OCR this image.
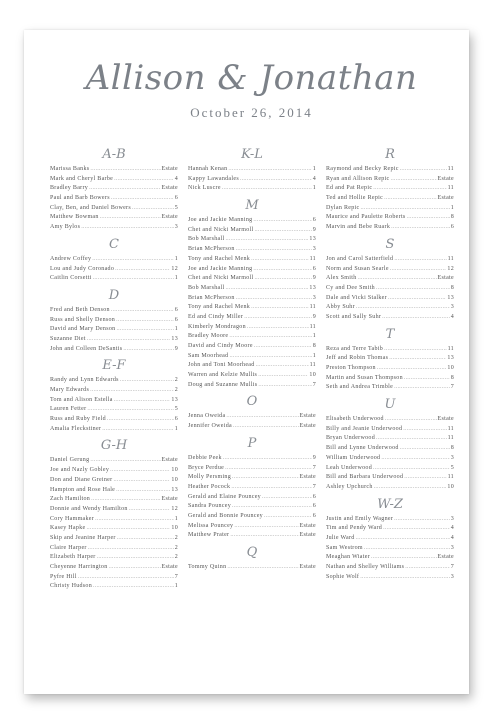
Allison & Jonathan
October 26, 2014
A-B
Marissa Banks .....	Estate
Mark and Cheryl Barbe .....	4
Bradley Barry .....	Estate
Paul and Barb Bowers .....	6
Clay, Ben, and Daniel Bowers .....	5
Matthew Bowman .....	Estate
Amy Bylos .....	3
C
Andrew Coffey .....	1
Lou and Judy Coronado .....	12
Caitlin Corsetti .....	1
D
Fred and Beth Denson .....	6
Russ and Shelly Denson .....	6
David and Mary Denson .....	1
Suzanne Diet .....	13
John and Colleen DeSantis .....	9
E-F
Randy and Lynn Edwards .....	2
Mary Edwards .....	2
Tom and Alison Estella .....	13
Lauren Fetter .....	5
Russ and Ruby Field .....	6
Amalia Fleckstiner .....	1
G-H
Daniel Gerung .....	Estate
Joe and Nazly Gobley .....	10
Don and Diane Greiner .....	10
Hampton and Rose Hale .....	13
Zach Hamilton .....	Estate
Donnie and Wendy Hamilton .....	12
Cory Hammaker .....	1
Kasey Hapke .....	10
Skip and Jeanine Harper .....	2
Claire Harper .....	2
Elizabeth Harper .....	2
Cheyenne Harrington .....	Estate
Pyfre Hill .....	7
Christy Hudson .....	1
K-L
Hannah Kenan .....	1
Kappy Lawandales .....	4
Nick Luscre .....	1
M
Joe and Jackie Manning .....	6
Chet and Nicki Marmoll .....	9
Bob Marshall .....	13
Brian McPherson .....	3
Tony and Rachel Menk .....	11
Joe and Jackie Manning .....	6
Chet and Nicki Marmoll .....	9
Bob Marshall .....	13
Brian McPherson .....	3
Tony and Rachel Menk .....	11
Ed and Cindy Miller .....	9
Kimberly Mondragon .....	11
Bradley Moore .....	1
David and Cindy Moore .....	8
Sam Moorhead .....	1
John and Toni Moorhead .....	11
Warren and Kelzie Mullis .....	10
Doug and Suzanne Mullis .....	7
O
Jenna Oweida .....	Estate
Jennifer Oweida .....	Estate
P
Debbie Peek .....	9
Bryce Perdue .....	7
Molly Persming .....	Estate
Heather Pocock .....	7
Gerald and Elaine Pouncey .....	6
Sandra Pouncey .....	6
Gerald and Bonnie Pouncey .....	6
Melissa Pouncey .....	Estate
Matthew Prater .....	Estate
Q
Tommy Quinn .....	Estate
R
Raymond and Becky Repic .....	11
Ryan and Allison Repic .....	Estate
Ed and Pat Repic .....	11
Ted and Hollie Repic .....	Estate
Dylan Repic .....	1
Maurice and Paulette Roberts .....	8
Marvin and Bebe Ruark .....	6
S
Jon and Carol Satterfield .....	11
Norm and Susan Searle .....	12
Alex Smith .....	Estate
Cy and Dee Smith .....	8
Dale and Vicki Stalker .....	13
Abby Suhr .....	3
Scott and Sally Suhr .....	4
T
Reza and Terre Tabib .....	11
Jeff and Robin Thomas .....	13
Preston Thompson .....	10
Martin and Susan Thompson .....	8
Seth and Andrea Trimble .....	7
U
Elisabeth Underwood .....	Estate
Billy and Jeanie Underwood .....	11
Bryan Underwood .....	11
Bill and Lynne Underwood .....	8
William Underwood .....	3
Leah Underwood .....	5
Bill and Barbara Underwood .....	11
Ashley Upchurch .....	10
W-Z
Justin and Emily Wagner .....	3
Tim and Pendy Ward .....	4
Julie Ward .....	4
Sam Westrom .....	3
Meaghan Wiater .....	Estate
Nathan and Shelley Williams .....	7
Sophie Wolf .....	3
